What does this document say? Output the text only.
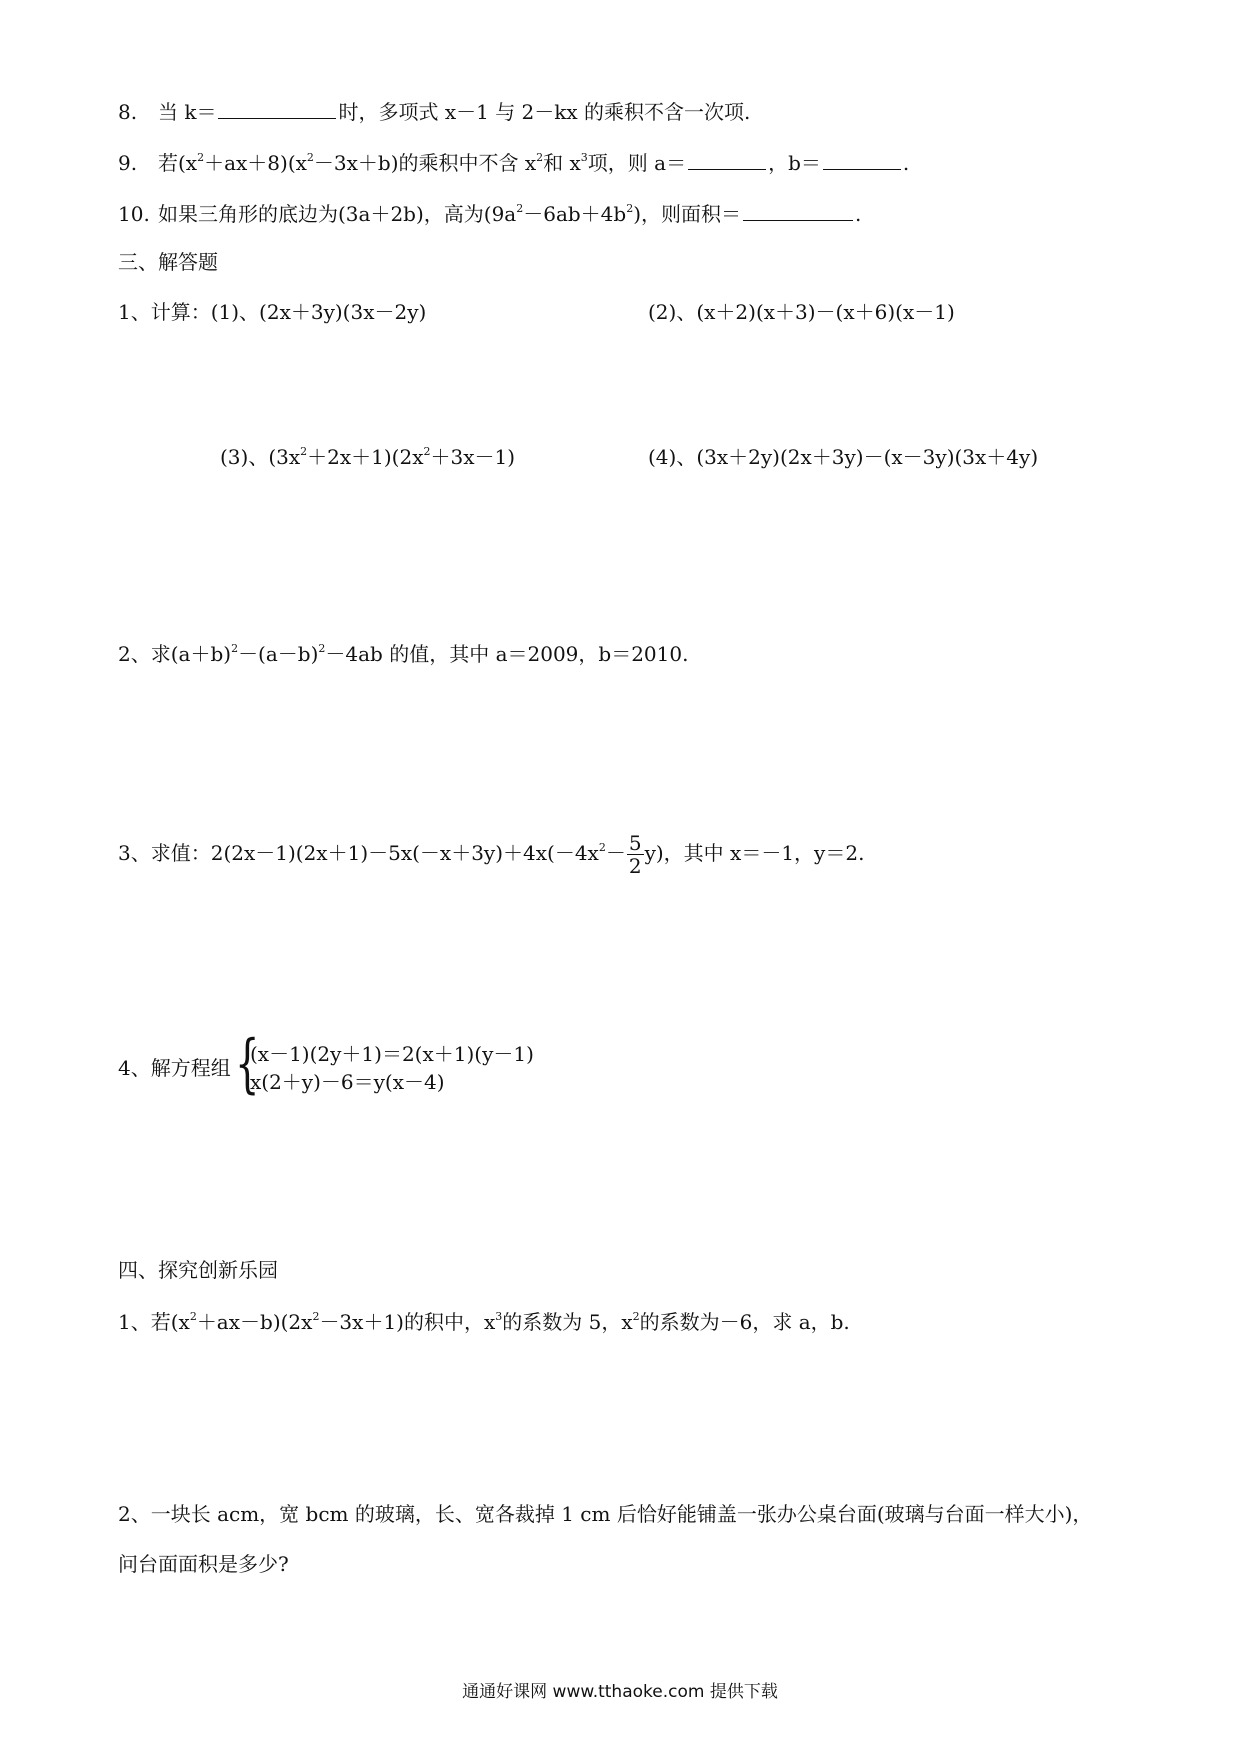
8. 当 k＝	时，多项式 x－1 与 2－kx 的乘积不含一次项.
9. 若$(x^2+ax+8)(x^2-3x+b)$的乘积中不含 $x^2$和 $x^3$项，则 a＝	，b＝	.
10. 如果三角形的底边为(3a＋2b)，高为$(9a^2-6ab+4b^2)$，则面积＝	.
三、解答题
1、计算：(1)、(2x＋3y)(3x－2y)	(2)、(x＋2)(x＋3)－(x＋6)(x－1)
(3)、$(3x^2+2x+1)(2x^2+3x-1)$	(4)、(3x＋2y)(2x＋3y)－(x－3y)(3x＋4y)
2、求$(a+b)^2-(a-b)^2-4ab$ 的值，其中 a＝2009，b＝2010.
3、求值：$2(2x-1)(2x+1)-5x(-x+3y)+4x(-4x^2- \frac{5}{2} y)$，其中 x＝－1，y＝2.
4、解方程组 {
(x－1)(2y＋1)＝2(x＋1)(y－1)
x(2＋y)－6＝y(x－4)
四、探究创新乐园
1、若$(x^2+ax-b)(2x^2-3x+1)$的积中，$x^3$的系数为 5，$x^2$的系数为－6，求 a，b.
2、一块长 acm，宽 bcm 的玻璃，长、宽各裁掉 1 cm 后恰好能铺盖一张办公桌台面(玻璃与台面一样大小)，
问台面面积是多少?
通通好课网 www.tthaoke.com 提供下载
